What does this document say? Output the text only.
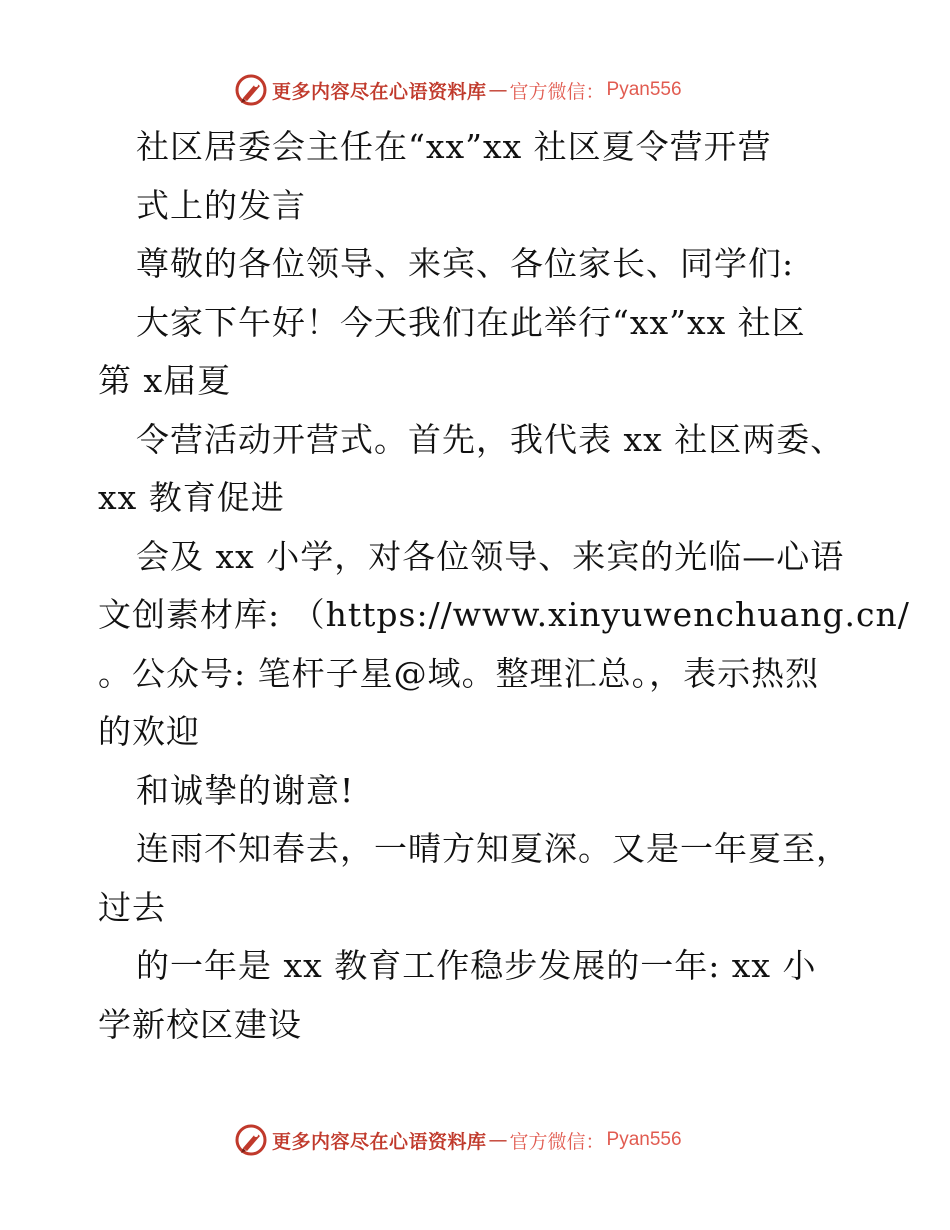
更多内容尽在心语资料库 — 官方微信： Pyan556
社区居委会主任在“xx”xx 社区夏令营开营
式上的发言
尊敬的各位领导、来宾、各位家长、同学们:
大家下午好！今天我们在此举行“xx”xx 社区
第 x届夏
令营活动开营式。首先，我代表 xx 社区两委、
xx 教育促进
会及 xx 小学，对各位领导、来宾的光临—心语
文创素材库: （https://www.xinyuwenchuang.cn/
。公众号: 笔杆子星@域。整理汇总。，表示热烈
的欢迎
和诚挚的谢意!
连雨不知春去，一晴方知夏深。又是一年夏至，
过去
的一年是 xx 教育工作稳步发展的一年: xx 小
学新校区建设
更多内容尽在心语资料库 — 官方微信： Pyan556
